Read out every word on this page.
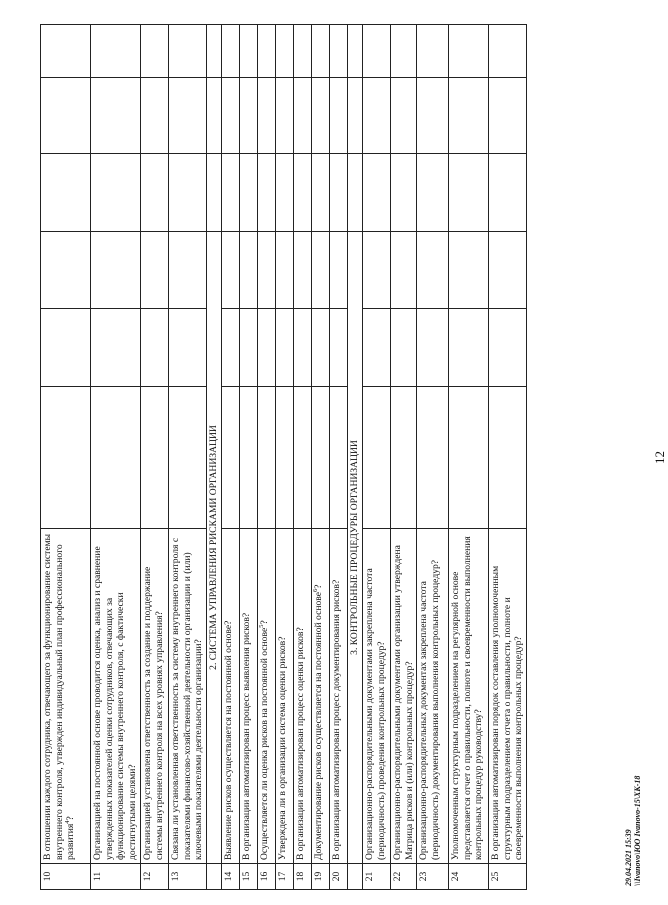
10	В отношении каждого сотрудника, отвечающего за функционирование системы внутреннего контроля, утвержден индивидуальный план профессионального развития$^4$?						
11	Организацией на постоянной основе проводится оценка, анализ и сравнение утвержденных показателей оценки сотрудников, отвечающих за функционирование системы внутреннего контроля, с фактически достигнутыми целями?						
12	Организацией установлена ответственность за создание и поддержание системы внутреннего контроля на всех уровнях управления?						
13	Связана ли установленная ответственность за систему внутреннего контроля с показателями финансово-хозяйственной деятельности организации и (или) ключевыми показателями деятельности организации?						
	2. СИСТЕМА УПРАВЛЕНИЯ РИСКАМИ ОРГАНИЗАЦИИ						
14	Выявление рисков осуществляется на постоянной основе?						
15	В организации автоматизирован процесс выявления рисков?						
16	Осуществляется ли оценка рисков на постоянной основе$^5$?						
17	Утверждена ли в организации система оценки рисков?						
18	В организации автоматизирован процесс оценки рисков?						
19	Документирование рисков осуществляется на постоянной основе$^6$?						
20	В организации автоматизирован процесс документирования рисков?						
	3. КОНТРОЛЬНЫЕ ПРОЦЕДУРЫ ОРГАНИЗАЦИИ						
21	Организационно-распорядительными документами закреплена частота (периодичность) проведения контрольных процедур?						
22	Организационно-распорядительными документами организации утверждена Матрица рисков и (или) контрольных процедур?						
23	Организационно-распорядительных документах закреплена частота (периодичность) документирования выполнения контрольных процедур?						
24	Уполномоченным структурным подразделением на регулярной основе представляется отчет о правильности, полноте и своевременности выполнения контрольных процедур руководству?						
25	В организации автоматизирован порядок составления уполномоченным структурным подразделением отчета о правильности, полноте и своевременности выполнения контрольных процедур?						
12
29.04.2021 15:39 \\Ivanovo\ЮО Ivanovo-15\ХК-18
